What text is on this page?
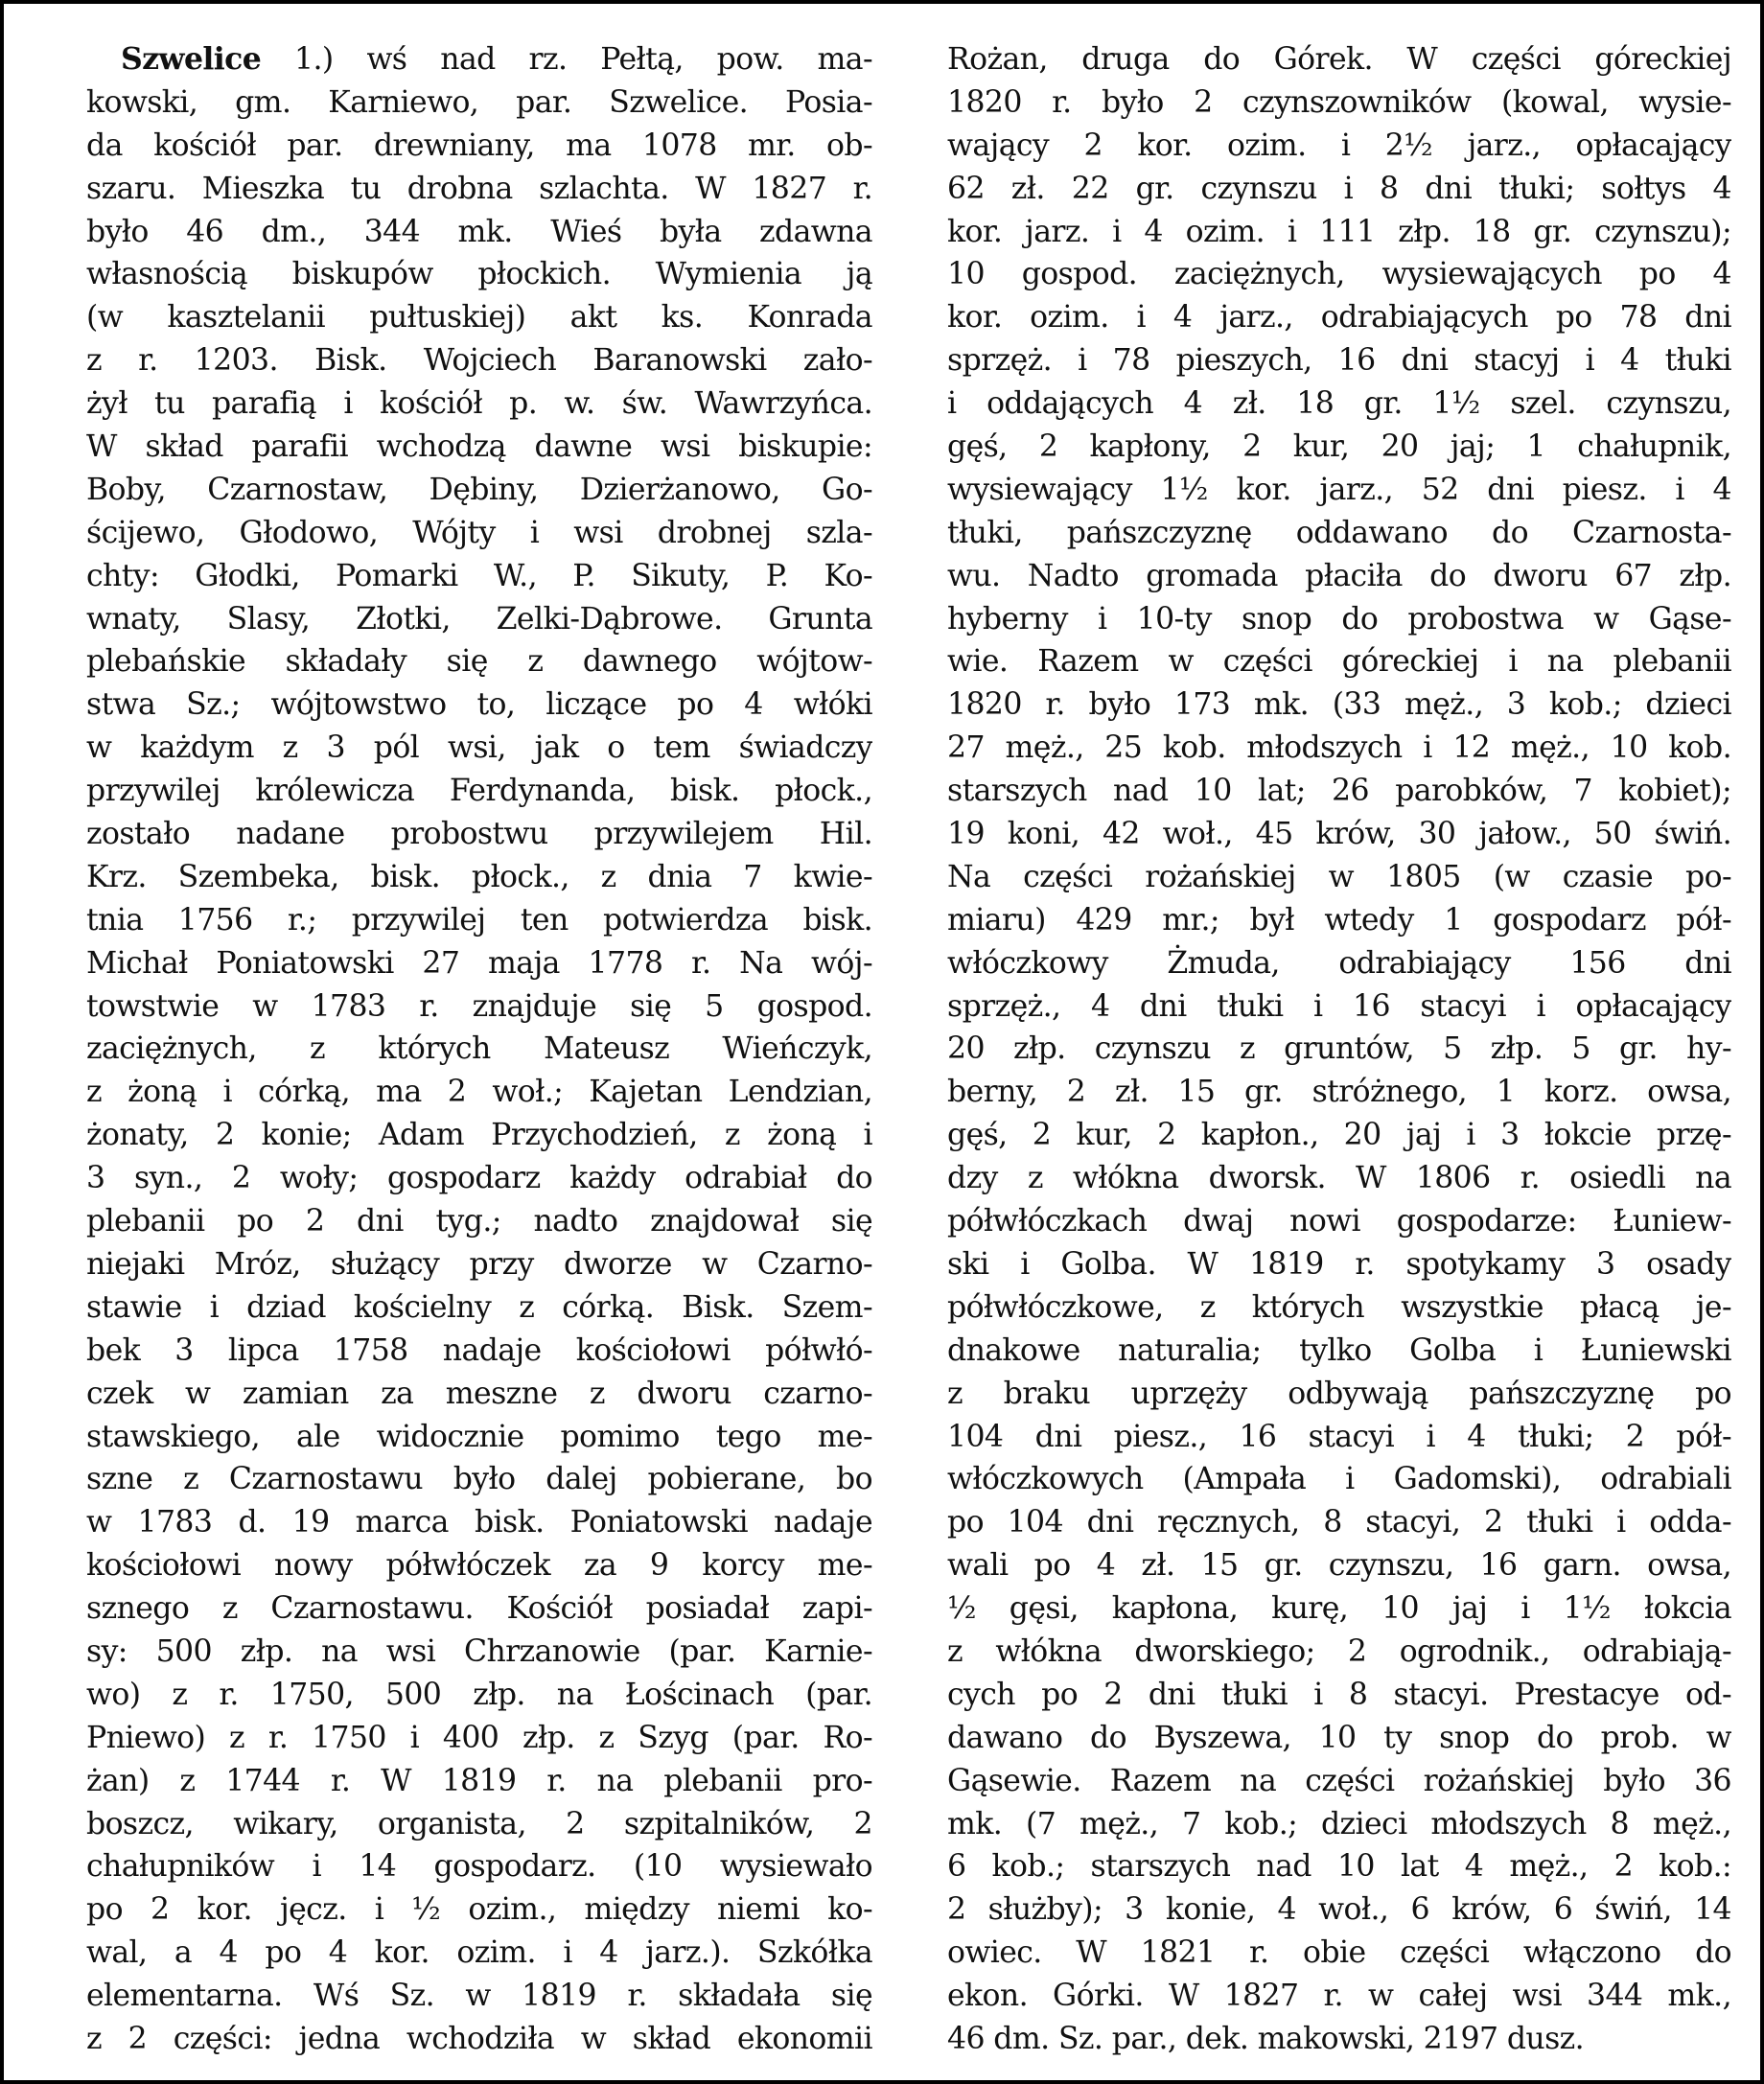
Szwelice 1.) wś nad rz. Pełtą, pow. ma-
kowski, gm. Karniewo, par. Szwelice. Posia-
da kościół par. drewniany, ma 1078 mr. ob-
szaru. Mieszka tu drobna szlachta. W 1827 r.
było 46 dm., 344 mk. Wieś była zdawna
własnością biskupów płockich. Wymienia ją
(w kasztelanii pułtuskiej) akt ks. Konrada
z r. 1203. Bisk. Wojciech Baranowski zało-
żył tu parafią i kościół p. w. św. Wawrzyńca.
W skład parafii wchodzą dawne wsi biskupie:
Boby, Czarnostaw, Dębiny, Dzierżanowo, Go-
ścijewo, Głodowo, Wójty i wsi drobnej szla-
chty: Głodki, Pomarki W., P. Sikuty, P. Ko-
wnaty, Slasy, Złotki, Zelki-Dąbrowe. Grunta
plebańskie składały się z dawnego wójtow-
stwa Sz.; wójtowstwo to, liczące po 4 włóki
w każdym z 3 pól wsi, jak o tem świadczy
przywilej królewicza Ferdynanda, bisk. płock.,
zostało nadane probostwu przywilejem Hil.
Krz. Szembeka, bisk. płock., z dnia 7 kwie-
tnia 1756 r.; przywilej ten potwierdza bisk.
Michał Poniatowski 27 maja 1778 r. Na wój-
towstwie w 1783 r. znajduje się 5 gospod.
zaciężnych, z których Mateusz Wieńczyk,
z żoną i córką, ma 2 woł.; Kajetan Lendzian,
żonaty, 2 konie; Adam Przychodzień, z żoną i
3 syn., 2 woły; gospodarz każdy odrabiał do
plebanii po 2 dni tyg.; nadto znajdował się
niejaki Mróz, służący przy dworze w Czarno-
stawie i dziad kościelny z córką. Bisk. Szem-
bek 3 lipca 1758 nadaje kościołowi półwłó-
czek w zamian za meszne z dworu czarno-
stawskiego, ale widocznie pomimo tego me-
szne z Czarnostawu było dalej pobierane, bo
w 1783 d. 19 marca bisk. Poniatowski nadaje
kościołowi nowy półwłóczek za 9 korcy me-
sznego z Czarnostawu. Kościół posiadał zapi-
sy: 500 złp. na wsi Chrzanowie (par. Karnie-
wo) z r. 1750, 500 złp. na Łościnach (par.
Pniewo) z r. 1750 i 400 złp. z Szyg (par. Ro-
żan) z 1744 r. W 1819 r. na plebanii pro-
boszcz, wikary, organista, 2 szpitalników, 2
chałupników i 14 gospodarz. (10 wysiewało
po 2 kor. jęcz. i ½ ozim., między niemi ko-
wal, a 4 po 4 kor. ozim. i 4 jarz.). Szkółka
elementarna. Wś Sz. w 1819 r. składała się
z 2 części: jedna wchodziła w skład ekonomii
Rożan, druga do Górek. W części góreckiej
1820 r. było 2 czynszowników (kowal, wysie-
wający 2 kor. ozim. i 2½ jarz., opłacający
62 zł. 22 gr. czynszu i 8 dni tłuki; sołtys 4
kor. jarz. i 4 ozim. i 111 złp. 18 gr. czynszu);
10 gospod. zaciężnych, wysiewających po 4
kor. ozim. i 4 jarz., odrabiających po 78 dni
sprzęż. i 78 pieszych, 16 dni stacyj i 4 tłuki
i oddających 4 zł. 18 gr. 1½ szel. czynszu,
gęś, 2 kapłony, 2 kur, 20 jaj; 1 chałupnik,
wysiewający 1½ kor. jarz., 52 dni piesz. i 4
tłuki, pańszczyznę oddawano do Czarnosta-
wu. Nadto gromada płaciła do dworu 67 złp.
hyberny i 10-ty snop do probostwa w Gąse-
wie. Razem w części góreckiej i na plebanii
1820 r. było 173 mk. (33 męż., 3 kob.; dzieci
27 męż., 25 kob. młodszych i 12 męż., 10 kob.
starszych nad 10 lat; 26 parobków, 7 kobiet);
19 koni, 42 woł., 45 krów, 30 jałow., 50 świń.
Na części rożańskiej w 1805 (w czasie po-
miaru) 429 mr.; był wtedy 1 gospodarz pół-
włóczkowy Żmuda, odrabiający 156 dni
sprzęż., 4 dni tłuki i 16 stacyi i opłacający
20 złp. czynszu z gruntów, 5 złp. 5 gr. hy-
berny, 2 zł. 15 gr. stróżnego, 1 korz. owsa,
gęś, 2 kur, 2 kapłon., 20 jaj i 3 łokcie przę-
dzy z włókna dworsk. W 1806 r. osiedli na
półwłóczkach dwaj nowi gospodarze: Łuniew-
ski i Golba. W 1819 r. spotykamy 3 osady
półwłóczkowe, z których wszystkie płacą je-
dnakowe naturalia; tylko Golba i Łuniewski
z braku uprzęży odbywają pańszczyznę po
104 dni piesz., 16 stacyi i 4 tłuki; 2 pół-
włóczkowych (Ampała i Gadomski), odrabiali
po 104 dni ręcznych, 8 stacyi, 2 tłuki i odda-
wali po 4 zł. 15 gr. czynszu, 16 garn. owsa,
½ gęsi, kapłona, kurę, 10 jaj i 1½ łokcia
z włókna dworskiego; 2 ogrodnik., odrabiają-
cych po 2 dni tłuki i 8 stacyi. Prestacye od-
dawano do Byszewa, 10 ty snop do prob. w
Gąsewie. Razem na części rożańskiej było 36
mk. (7 męż., 7 kob.; dzieci młodszych 8 męż.,
6 kob.; starszych nad 10 lat 4 męż., 2 kob.:
2 służby); 3 konie, 4 woł., 6 krów, 6 świń, 14
owiec. W 1821 r. obie części włączono do
ekon. Górki. W 1827 r. w całej wsi 344 mk.,
46 dm. Sz. par., dek. makowski, 2197 dusz.
